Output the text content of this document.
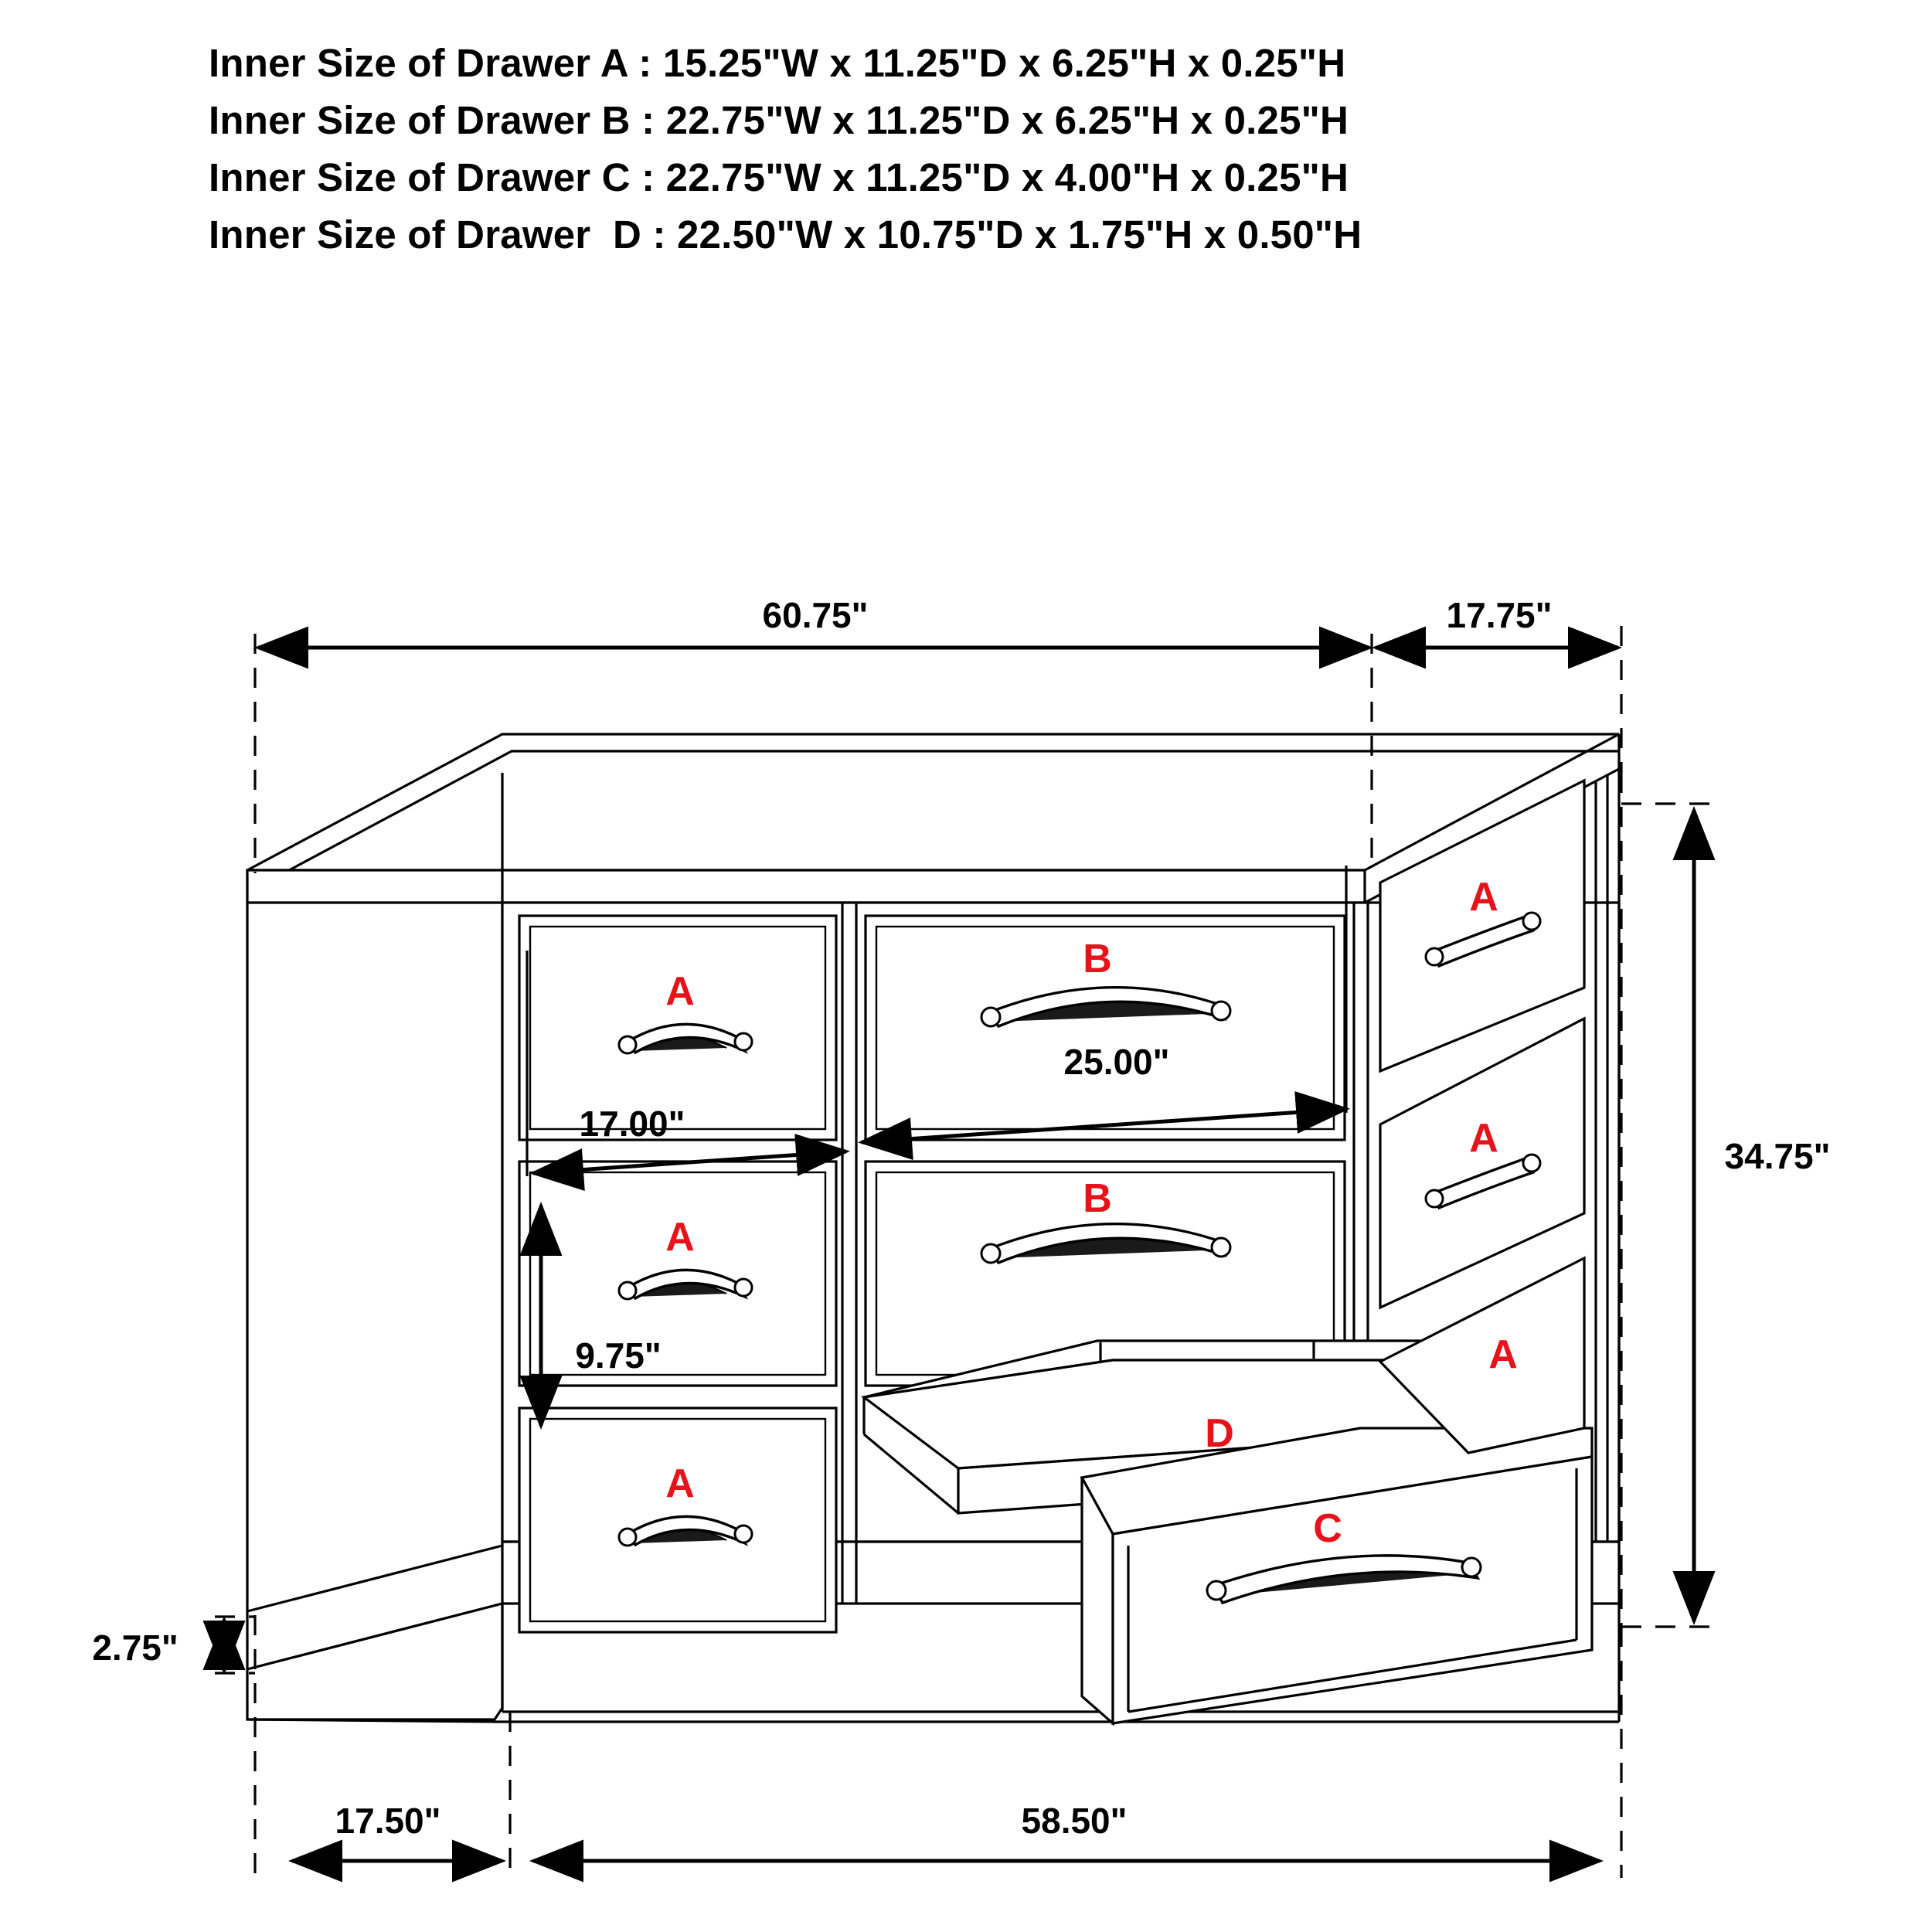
Inner Size of Drawer A : 15.25"W x 11.25"D x 6.25"H x 0.25"H
Inner Size of Drawer B : 22.75"W x 11.25"D x 6.25"H x 0.25"H
Inner Size of Drawer C : 22.75"W x 11.25"D x 4.00"H x 0.25"H
Inner Size of Drawer  D : 22.50"W x 10.75"D x 1.75"H x 0.50"H
A
A
A
B
B
D
C
A
A
A
60.75"	17.75"
34.75"
25.00"
17.00"
9.75"
2.75"
17.50"	58.50"
